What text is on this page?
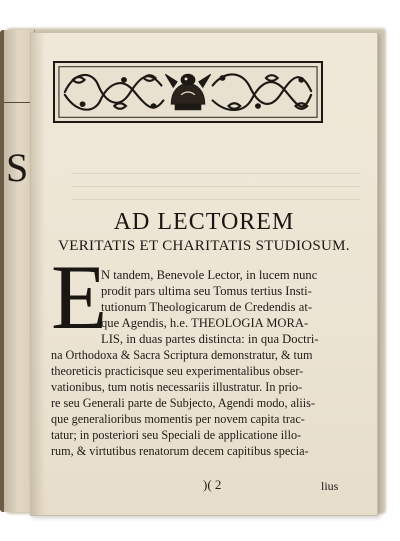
S
AD LECTOREM
VERITATIS ET CHARITATIS STUDIOSUM.
E
N tandem, Benevole Lector, in lucem nunc
prodit pars ultima seu Tomus tertius Insti-
tutionum Theologicarum de Credendis at-
que Agendis, h.e. THEOLOGIA MORA-
LIS, in duas partes distincta: in qua Doctri-
na Orthodoxa & Sacra Scriptura demonstratur, & tum
theoreticis practicisque seu experimentalibus obser-
vationibus, tum notis necessariis illustratur. In prio-
re seu Generali parte de Subjecto, Agendi modo, aliis-
que generalioribus momentis per novem capita trac-
tatur; in posteriori seu Speciali de applicatione illo-
rum, & virtutibus renatorum decem capitibus specia-
)( 2	lius
